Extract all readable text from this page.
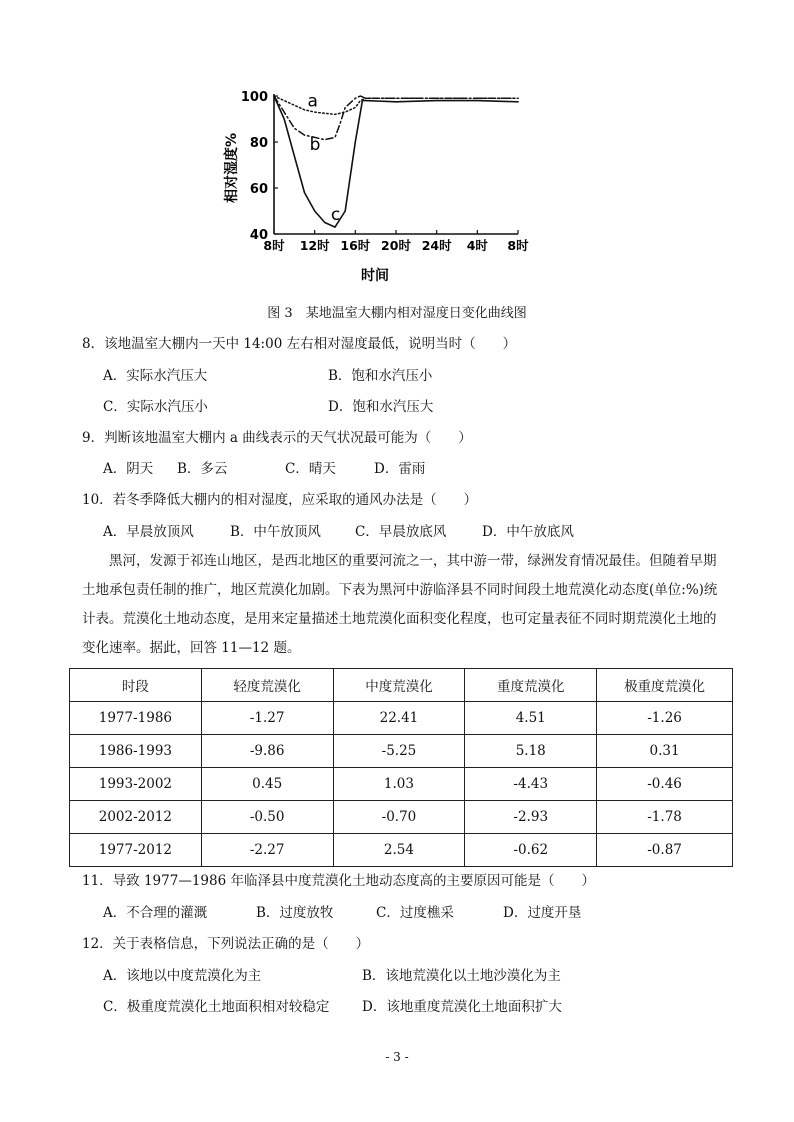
100
80
60
40
8时 12时 16时 20时 24时 4时 8时
a
b
c
相对湿度%
时间
图 3　某地温室大棚内相对湿度日变化曲线图
8．该地温室大棚内一天中 14:00 左右相对湿度最低，说明当时（　　）
A．实际水汽压大	B．饱和水汽压小
C．实际水汽压小	D．饱和水汽压大
9．判断该地温室大棚内 a 曲线表示的天气状况最可能为（　　）
A．阴天 B．多云	C．晴天	D．雷雨
10．若冬季降低大棚内的相对湿度，应采取的通风办法是（　　）
A．早晨放顶风	B．中午放顶风	C．早晨放底风	D．中午放底风
黑河，发源于祁连山地区，是西北地区的重要河流之一，其中游一带，绿洲发育情况最佳。但随着早期土地承包责任制的推广，地区荒漠化加剧。下表为黑河中游临泽县不同时间段土地荒漠化动态度(单位:%)统计表。荒漠化土地动态度，是用来定量描述土地荒漠化面积变化程度，也可定量表征不同时期荒漠化土地的变化速率。据此，回答 11—12 题。
时段	轻度荒漠化	中度荒漠化	重度荒漠化	极重度荒漠化
1977-1986	-1.27	22.41	4.51	-1.26
1986-1993	-9.86	-5.25	5.18	0.31
1993-2002	0.45	1.03	-4.43	-0.46
2002-2012	-0.50	-0.70	-2.93	-1.78
1977-2012	-2.27	2.54	-0.62	-0.87
11．导致 1977—1986 年临泽县中度荒漠化土地动态度高的主要原因可能是（　　）
A．不合理的灌溉	B．过度放牧	C．过度樵采	D．过度开垦
12．关于表格信息，下列说法正确的是（　　）
A．该地以中度荒漠化为主	B．该地荒漠化以土地沙漠化为主
C．极重度荒漠化土地面积相对较稳定 D．该地重度荒漠化土地面积扩大
- 3 -
